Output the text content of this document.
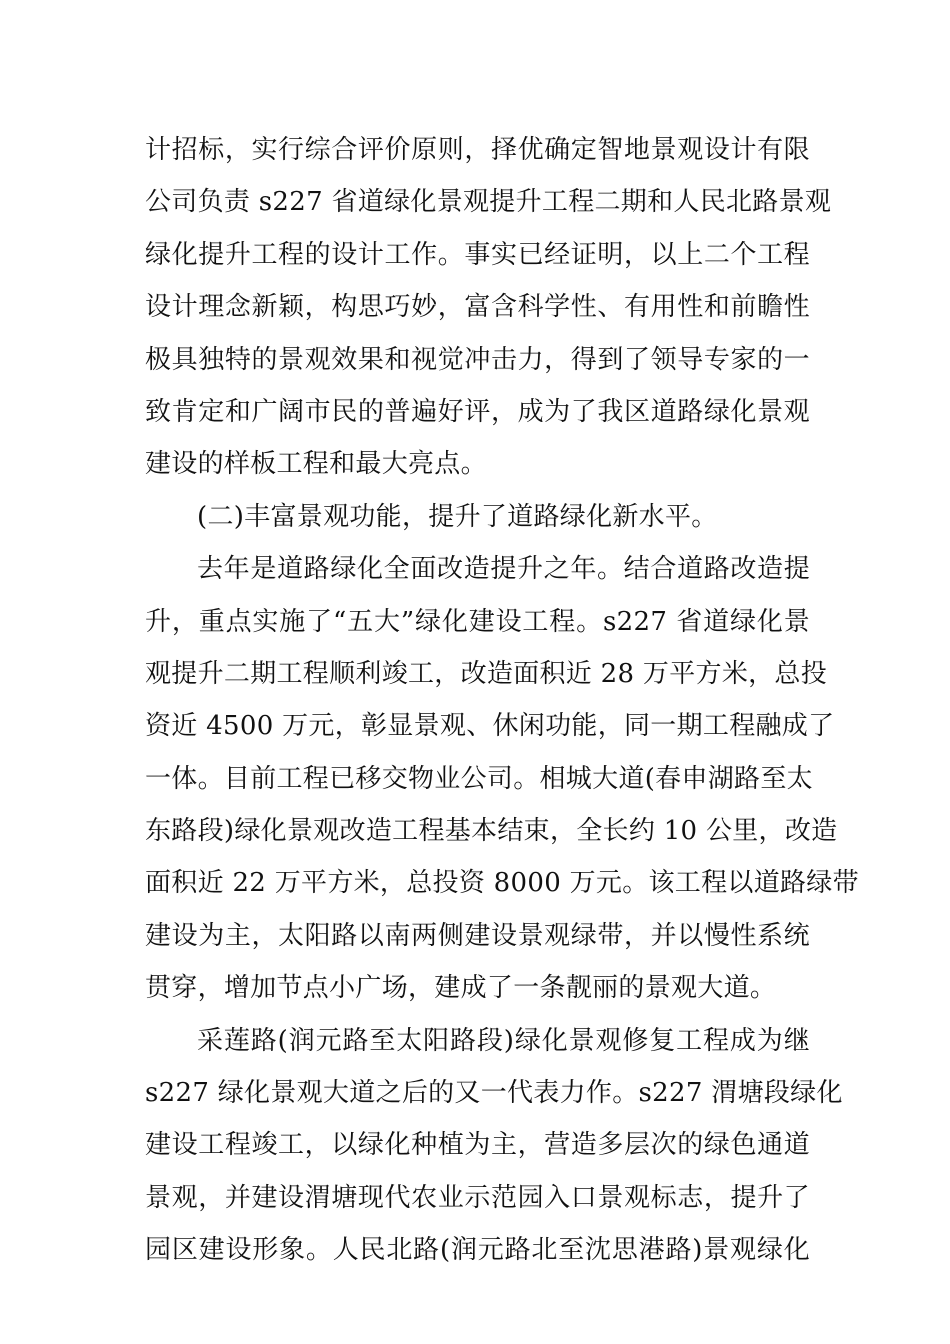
计招标，实行综合评价原则，择优确定智地景观设计有限
公司负责 s227 省道绿化景观提升工程二期和人民北路景观
绿化提升工程的设计工作。事实已经证明，以上二个工程
设计理念新颖，构思巧妙，富含科学性、有用性和前瞻性
极具独特的景观效果和视觉冲击力，得到了领导专家的一
致肯定和广阔市民的普遍好评，成为了我区道路绿化景观
建设的样板工程和最大亮点。
(二)丰富景观功能，提升了道路绿化新水平。
去年是道路绿化全面改造提升之年。结合道路改造提
升，重点实施了“五大”绿化建设工程。s227 省道绿化景
观提升二期工程顺利竣工，改造面积近 28 万平方米，总投
资近 4500 万元，彰显景观、休闲功能，同一期工程融成了
一体。目前工程已移交物业公司。相城大道(春申湖路至太
东路段)绿化景观改造工程基本结束，全长约 10 公里，改造
面积近 22 万平方米，总投资 8000 万元。该工程以道路绿带
建设为主，太阳路以南两侧建设景观绿带，并以慢性系统
贯穿，增加节点小广场，建成了一条靓丽的景观大道。
采莲路(润元路至太阳路段)绿化景观修复工程成为继
s227 绿化景观大道之后的又一代表力作。s227 渭塘段绿化
建设工程竣工，以绿化种植为主，营造多层次的绿色通道
景观，并建设渭塘现代农业示范园入口景观标志，提升了
园区建设形象。人民北路(润元路北至沈思港路)景观绿化
